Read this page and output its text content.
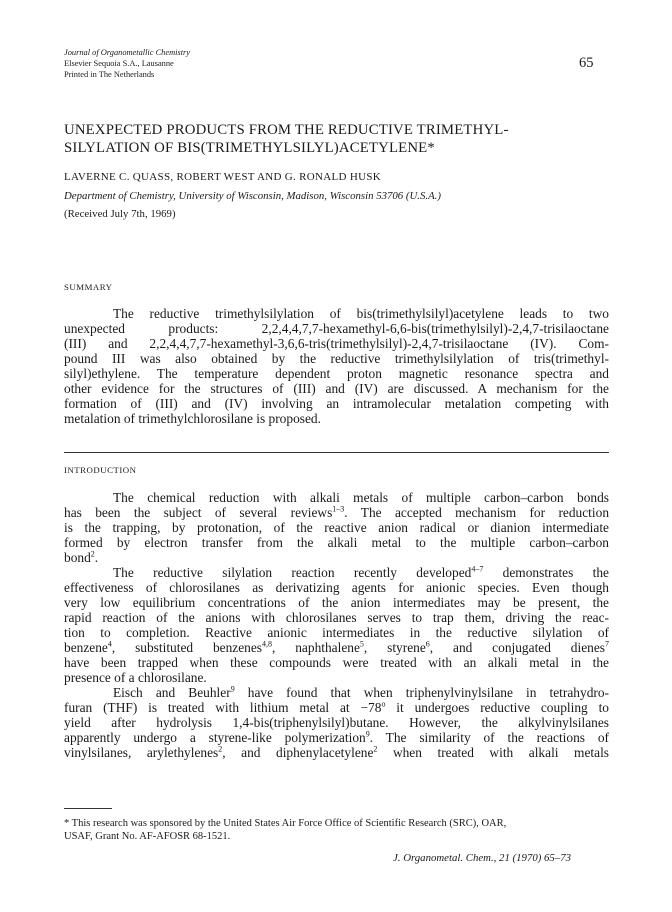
Journal of Organometallic Chemistry
Elsevier Sequoia S.A., Lausanne
Printed in The Netherlands
65
UNEXPECTED PRODUCTS FROM THE REDUCTIVE TRIMETHYL-
SILYLATION OF BIS(TRIMETHYLSILYL)ACETYLENE*
LAVERNE C. QUASS, ROBERT WEST AND G. RONALD HUSK
Department of Chemistry, University of Wisconsin, Madison, Wisconsin 53706 (U.S.A.)
(Received July 7th, 1969)
SUMMARY
The reductive trimethylsilylation of bis(trimethylsilyl)acetylene leads to two
unexpected products: 2,2,4,4,7,7-hexamethyl-6,6-bis(trimethylsilyl)-2,4,7-trisilaoctane
(III) and 2,2,4,4,7,7-hexamethyl-3,6,6-tris(trimethylsilyl)-2,4,7-trisilaoctane (IV). Com-
pound III was also obtained by the reductive trimethylsilylation of tris(trimethyl-
silyl)ethylene. The temperature dependent proton magnetic resonance spectra and
other evidence for the structures of (III) and (IV) are discussed. A mechanism for the
formation of (III) and (IV) involving an intramolecular metalation competing with
metalation of trimethylchlorosilane is proposed.
INTRODUCTION
The chemical reduction with alkali metals of multiple carbon–carbon bonds
has been the subject of several reviews$^{1-3}$. The accepted mechanism for reduction
is the trapping, by protonation, of the reactive anion radical or dianion intermediate
formed by electron transfer from the alkali metal to the multiple carbon–carbon
bond$^2$.
The reductive silylation reaction recently developed$^{4-7}$ demonstrates the
effectiveness of chlorosilanes as derivatizing agents for anionic species. Even though
very low equilibrium concentrations of the anion intermediates may be present, the
rapid reaction of the anions with chlorosilanes serves to trap them, driving the reac-
tion to completion. Reactive anionic intermediates in the reductive silylation of
benzene$^4$, substituted benzenes$^{4,8}$, naphthalene$^5$, styrene$^6$, and conjugated dienes$^7$
have been trapped when these compounds were treated with an alkali metal in the
presence of a chlorosilane.
Eisch and Beuhler$^9$ have found that when triphenylvinylsilane in tetrahydro-
furan (THF) is treated with lithium metal at $-78^o$ it undergoes reductive coupling to
yield after hydrolysis 1,4-bis(triphenylsilyl)butane. However, the alkylvinylsilanes
apparently undergo a styrene-like polymerization$^9$. The similarity of the reactions of
vinylsilanes, arylethylenes$^2$, and diphenylacetylene$^2$ when treated with alkali metals
* This research was sponsored by the United States Air Force Office of Scientific Research (SRC), OAR,
USAF, Grant No. AF-AFOSR 68-1521.
J. Organometal. Chem., 21 (1970) 65–73
